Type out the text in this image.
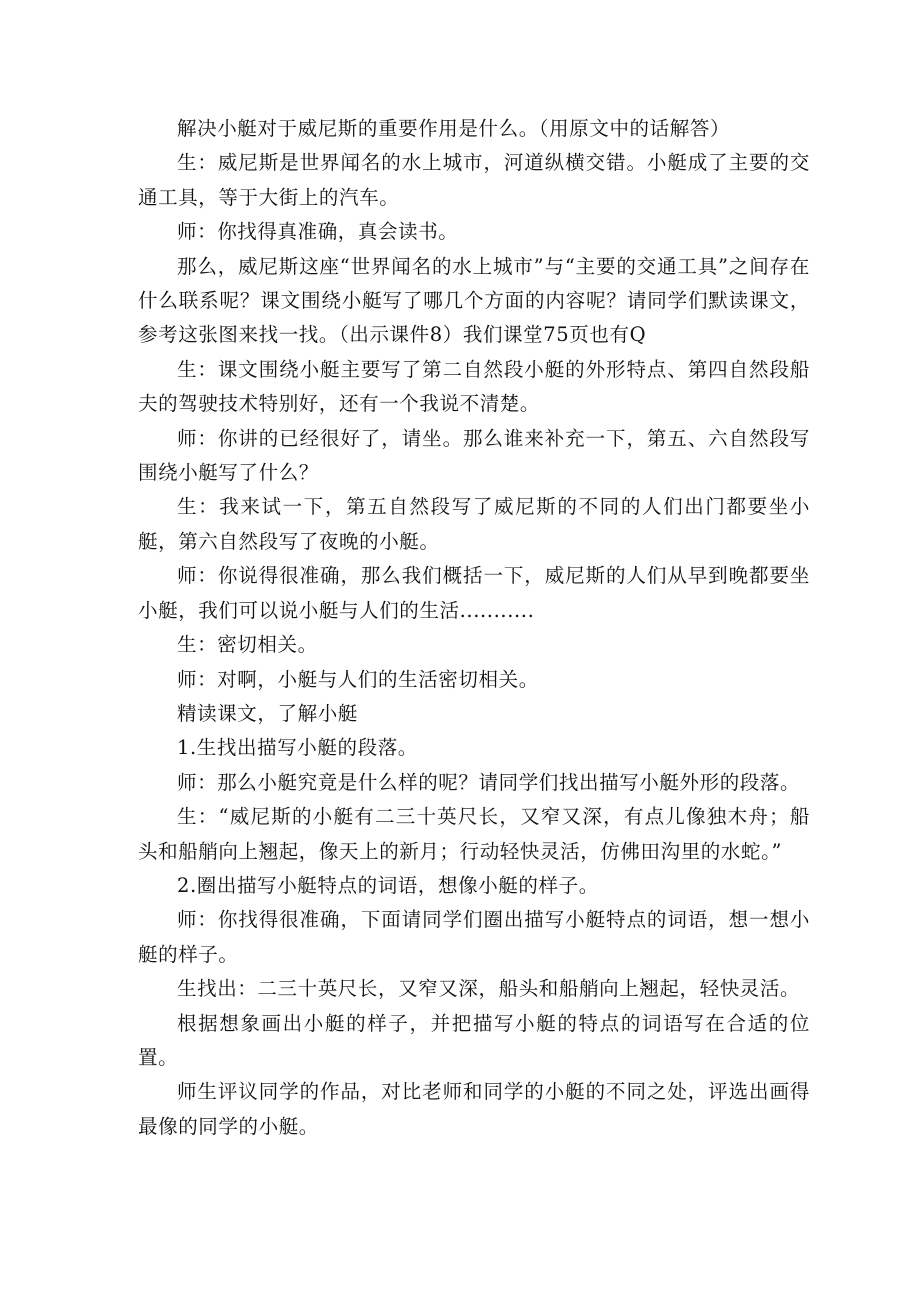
解决小艇对于威尼斯的重要作用是什么。（用原文中的话解答）

生：威尼斯是世界闻名的水上城市，河道纵横交错。小艇成了主要的交通工具，等于大街上的汽车。

师：你找得真准确，真会读书。

那么，威尼斯这座“世界闻名的水上城市”与“主要的交通工具”之间存在什么联系呢？课文围绕小艇写了哪几个方面的内容呢？请同学们默读课文，参考这张图来找一找。（出示课件8）我们课堂75页也有Q

生：课文围绕小艇主要写了第二自然段小艇的外形特点、第四自然段船夫的驾驶技术特别好，还有一个我说不清楚。

师：你讲的已经很好了，请坐。那么谁来补充一下，第五、六自然段写围绕小艇写了什么？

生：我来试一下，第五自然段写了威尼斯的不同的人们出门都要坐小艇，第六自然段写了夜晚的小艇。

师：你说得很准确，那么我们概括一下，威尼斯的人们从早到晚都要坐小艇，我们可以说小艇与人们的生活...........

生：密切相关。

师：对啊，小艇与人们的生活密切相关。

精读课文，了解小艇

1.生找出描写小艇的段落。

师：那么小艇究竟是什么样的呢？请同学们找出描写小艇外形的段落。

生：“威尼斯的小艇有二三十英尺长，又窄又深，有点儿像独木舟；船头和船艄向上翘起，像天上的新月；行动轻快灵活，仿佛田沟里的水蛇。”

2.圈出描写小艇特点的词语，想像小艇的样子。

师：你找得很准确，下面请同学们圈出描写小艇特点的词语，想一想小艇的样子。

生找出：二三十英尺长，又窄又深，船头和船艄向上翘起，轻快灵活。

根据想象画出小艇的样子，并把描写小艇的特点的词语写在合适的位置。

师生评议同学的作品，对比老师和同学的小艇的不同之处，评选出画得最像的同学的小艇。
